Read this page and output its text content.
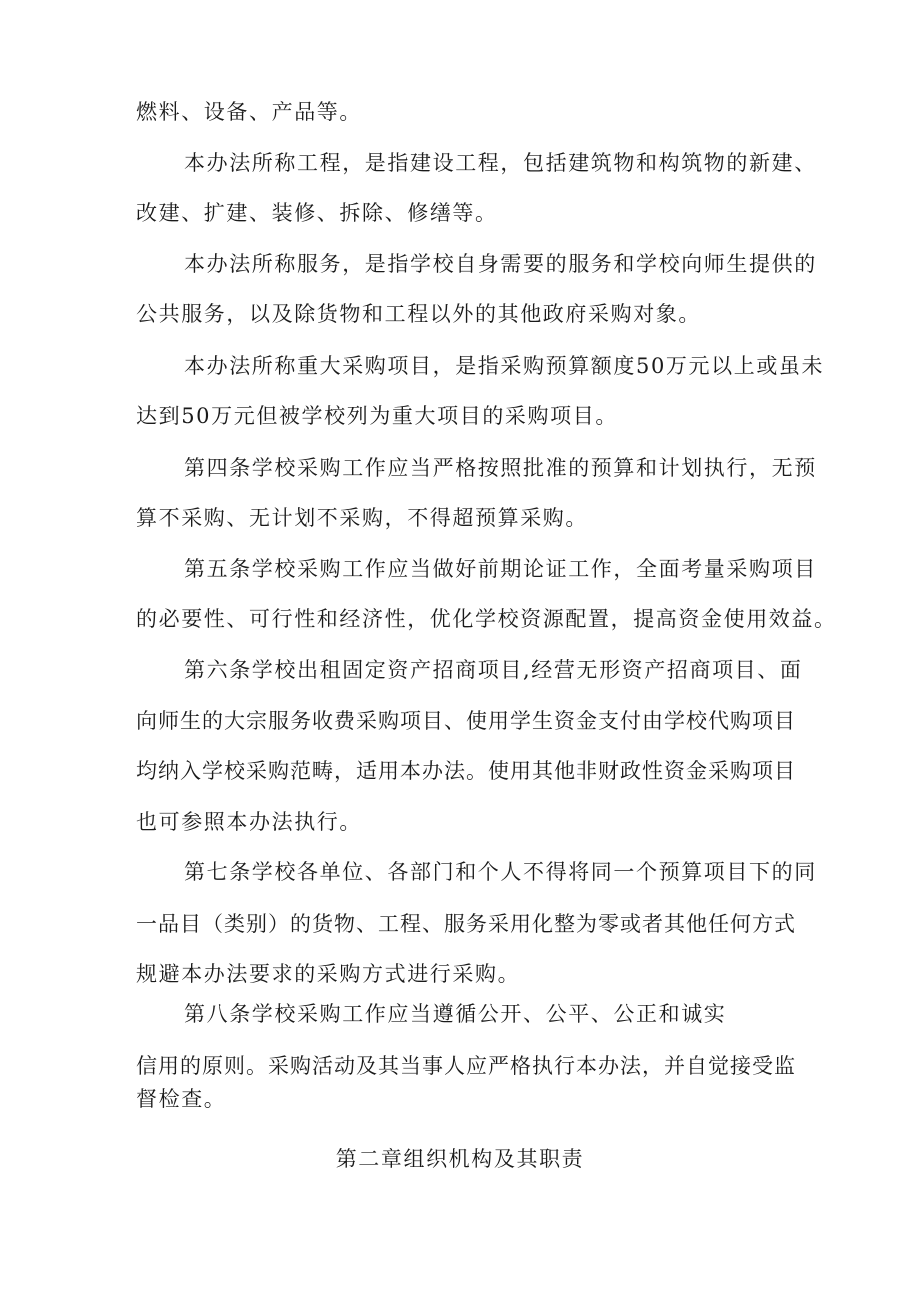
燃料、设备、产品等。
本办法所称工程，是指建设工程，包括建筑物和构筑物的新建、
改建、扩建、装修、拆除、修缮等。
本办法所称服务，是指学校自身需要的服务和学校向师生提供的
公共服务，以及除货物和工程以外的其他政府采购对象。
本办法所称重大采购项目，是指采购预算额度50万元以上或虽未
达到50万元但被学校列为重大项目的采购项目。
第四条学校采购工作应当严格按照批准的预算和计划执行，无预
算不采购、无计划不采购，不得超预算采购。
第五条学校采购工作应当做好前期论证工作，全面考量采购项目
的必要性、可行性和经济性，优化学校资源配置，提高资金使用效益。
第六条学校出租固定资产招商项目,经营无形资产招商项目、面
向师生的大宗服务收费采购项目、使用学生资金支付由学校代购项目
均纳入学校采购范畴，适用本办法。使用其他非财政性资金采购项目
也可参照本办法执行。
第七条学校各单位、各部门和个人不得将同一个预算项目下的同
一品目（类别）的货物、工程、服务采用化整为零或者其他任何方式
规避本办法要求的采购方式进行采购。
第八条学校采购工作应当遵循公开、公平、公正和诚实
信用的原则。采购活动及其当事人应严格执行本办法，并自觉接受监
督检查。
第二章组织机构及其职责
